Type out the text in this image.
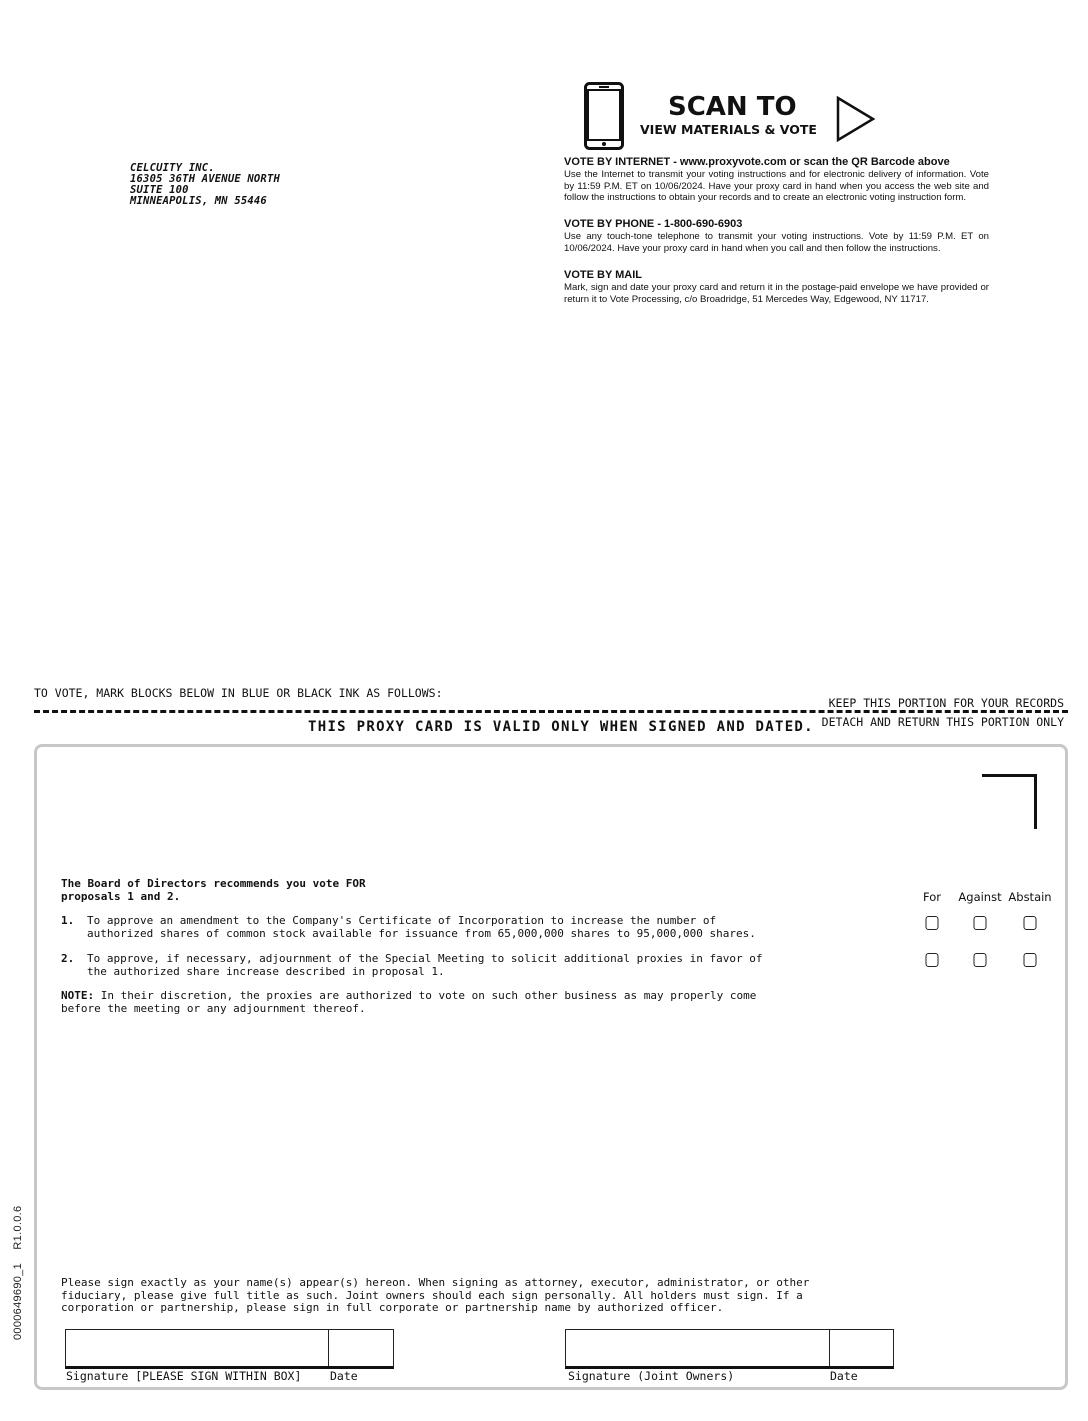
CELCUITY INC.
16305 36TH AVENUE NORTH
SUITE 100
MINNEAPOLIS, MN 55446
SCAN TO
VIEW MATERIALS & VOTE
VOTE BY INTERNET - www.proxyvote.com or scan the QR Barcode above

Use the Internet to transmit your voting instructions and for electronic delivery of information. Vote by 11:59 P.M. ET on 10/06/2024. Have your proxy card in hand when you access the web site and follow the instructions to obtain your records and to create an electronic voting instruction form.

VOTE BY PHONE - 1-800-690-6903

Use any touch-tone telephone to transmit your voting instructions. Vote by 11:59 P.M. ET on 10/06/2024. Have your proxy card in hand when you call and then follow the instructions.

VOTE BY MAIL

Mark, sign and date your proxy card and return it in the postage-paid envelope we have provided or return it to Vote Processing, c/o Broadridge, 51 Mercedes Way, Edgewood, NY 11717.

TO VOTE, MARK BLOCKS BELOW IN BLUE OR BLACK INK AS FOLLOWS:
KEEP THIS PORTION FOR YOUR RECORDS
DETACH AND RETURN THIS PORTION ONLY
THIS PROXY CARD IS VALID ONLY WHEN SIGNED AND DATED.
The Board of Directors recommends you vote FOR
proposals 1 and 2.	For Against Abstain
1. To approve an amendment to the Company's Certificate of Incorporation to increase the number of authorized shares of common stock available for issuance from 65,000,000 shares to 95,000,000 shares.
2. To approve, if necessary, adjournment of the Special Meeting to solicit additional proxies in favor of the authorized share increase described in proposal 1.
NOTE: In their discretion, the proxies are authorized to vote on such other business as may properly come before the meeting or any adjournment thereof.
0000649690_1    R1.0.0.6	Please sign exactly as your name(s) appear(s) hereon. When signing as attorney, executor, administrator, or other fiduciary, please give full title as such. Joint owners should each sign personally. All holders must sign. If a corporation or partnership, please sign in full corporate or partnership name by authorized officer.
Signature [PLEASE SIGN WITHIN BOX] Date	Signature (Joint Owners)	Date
